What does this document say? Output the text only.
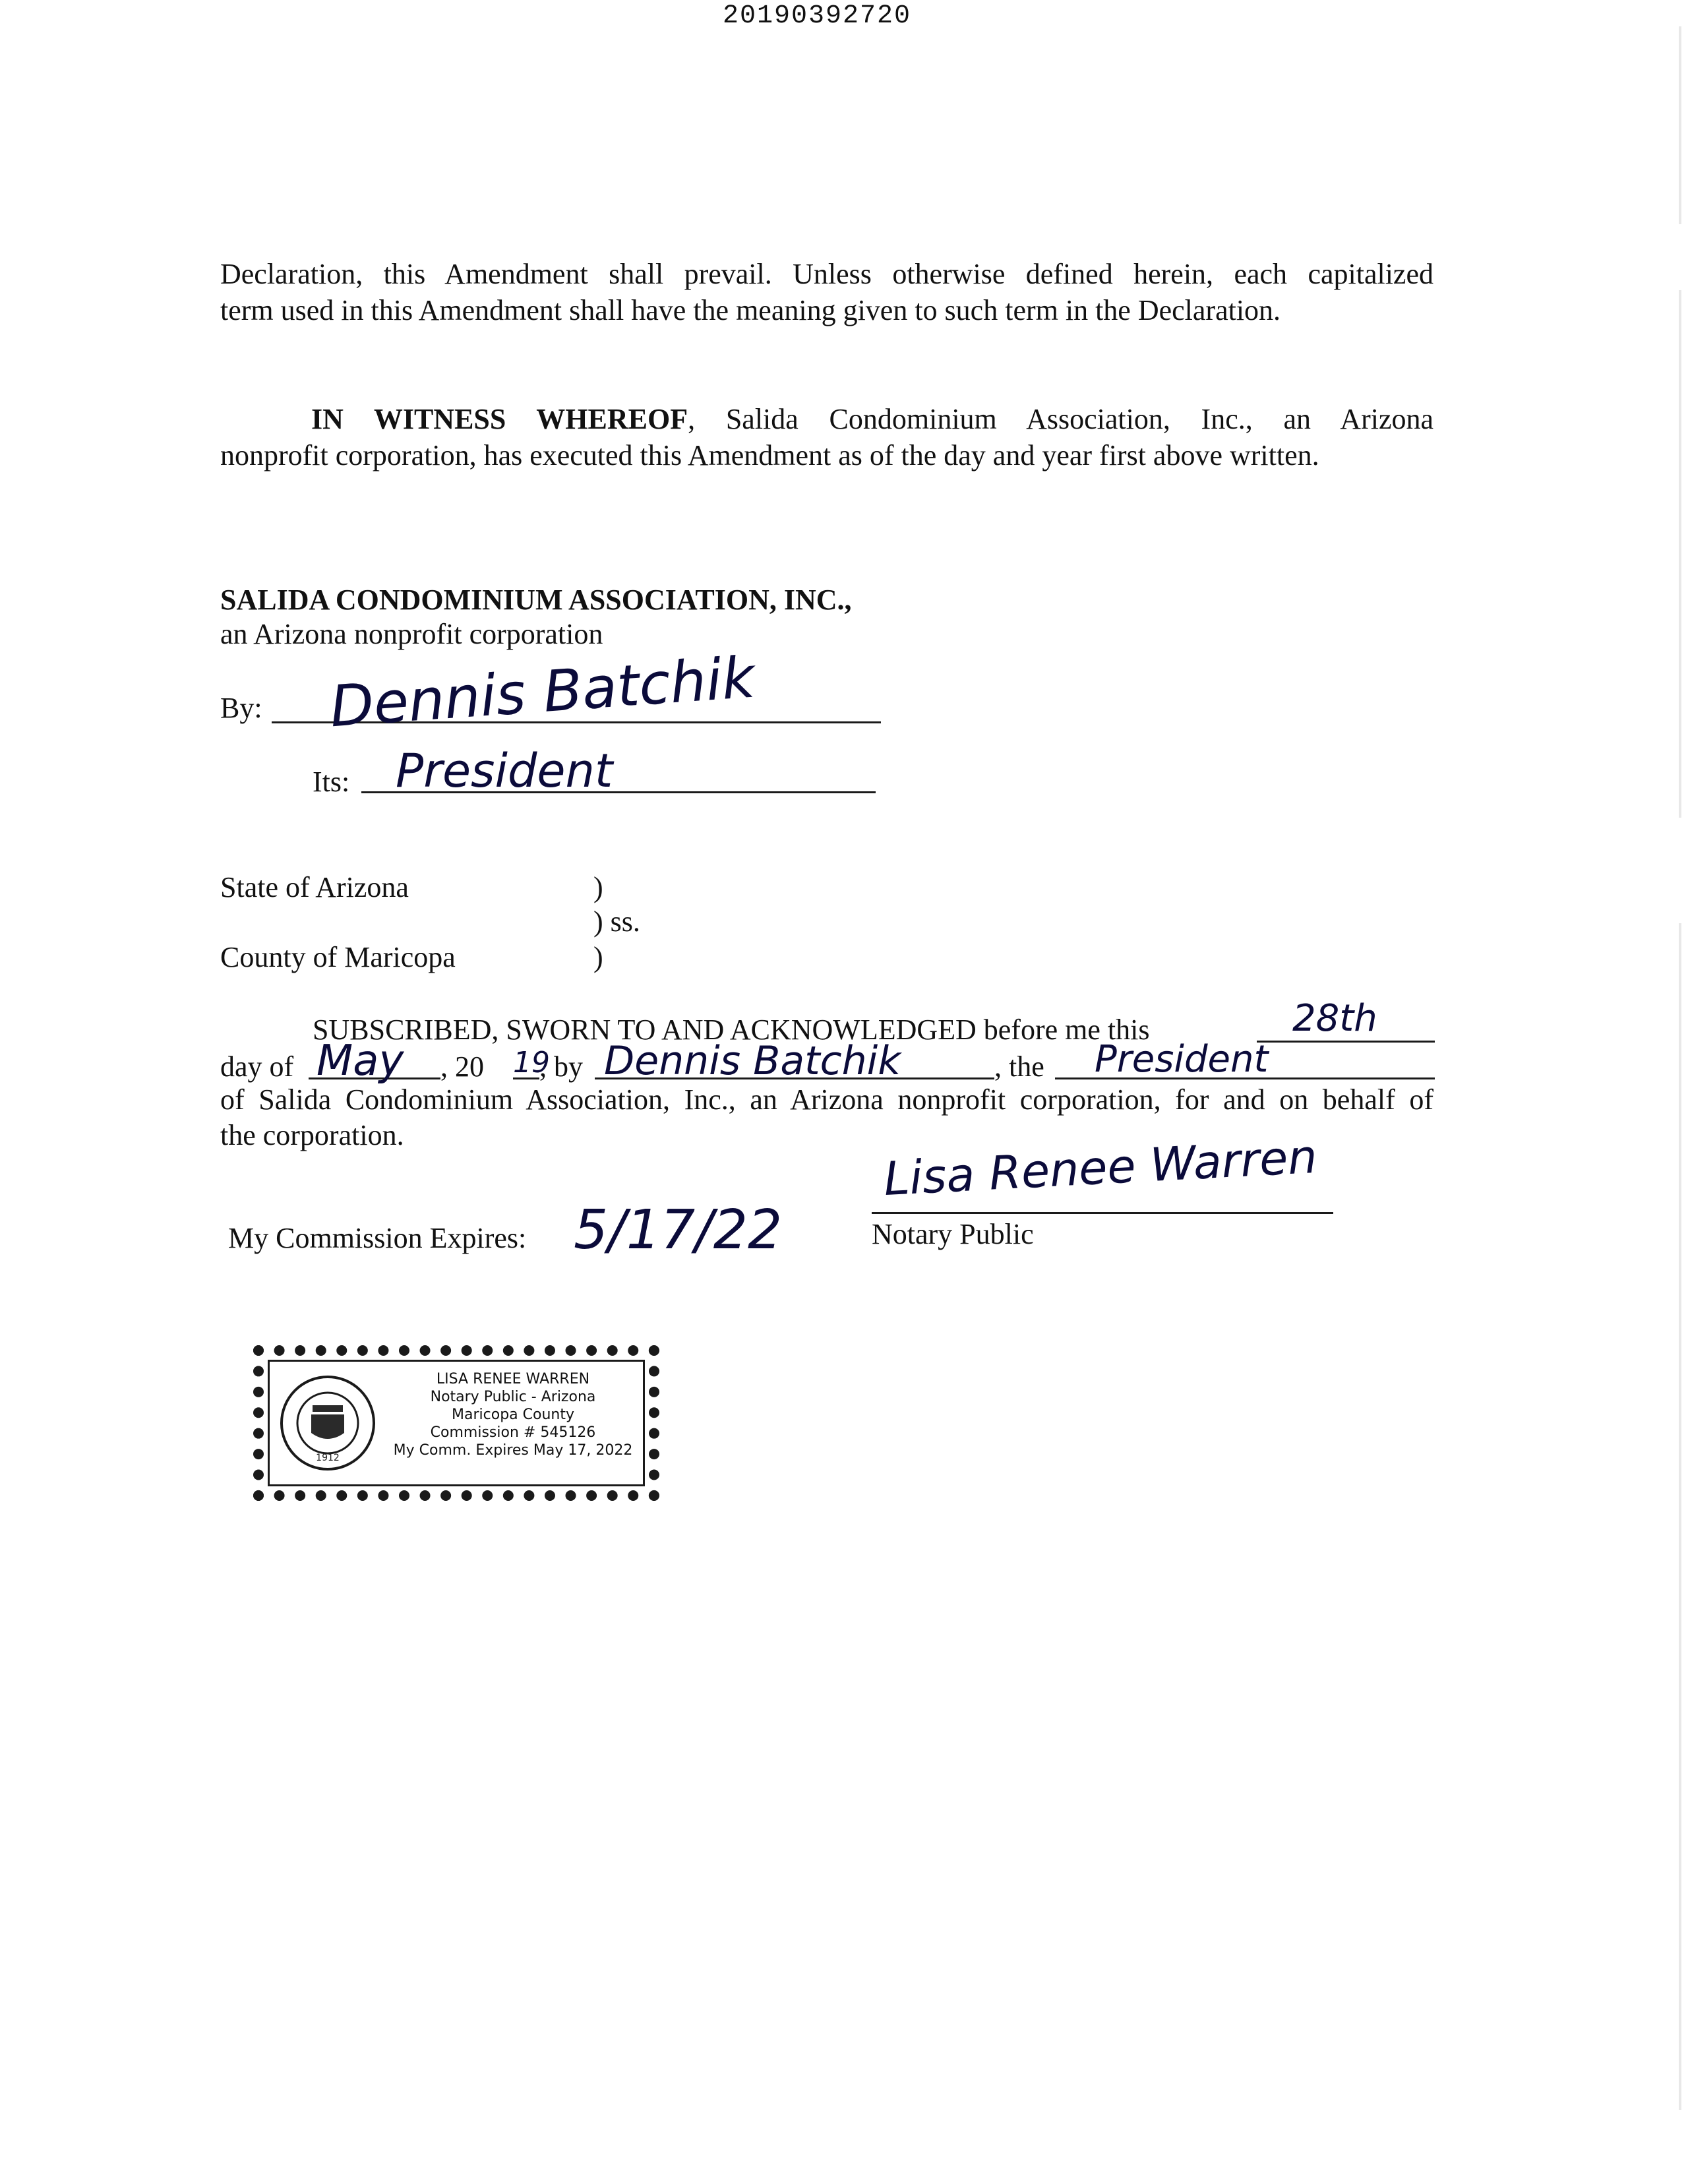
20190392720
Declaration, this Amendment shall prevail. Unless otherwise defined herein, each capitalized
term used in this Amendment shall have the meaning given to such term in the Declaration.
IN WITNESS WHEREOF, Salida Condominium Association, Inc., an Arizona
nonprofit corporation, has executed this Amendment as of the day and year first above written.
SALIDA CONDOMINIUM ASSOCIATION, INC.,
an Arizona nonprofit corporation
By: Dennis Batchik
Its: President
State of Arizona	)
) ss.
County of Maricopa	)
SUBSCRIBED, SWORN TO AND ACKNOWLEDGED before me this	28th
day of May , 20 19
, by Dennis Batchik	, the President
of Salida Condominium Association, Inc., an Arizona nonprofit corporation, for and on behalf of
the corporation.	Lisa Renee Warren
Notary Public
My Commission Expires: 5/17/22
1912
LISA RENEE WARREN
Notary Public - Arizona
Maricopa County
Commission # 545126
My Comm. Expires May 17, 2022
